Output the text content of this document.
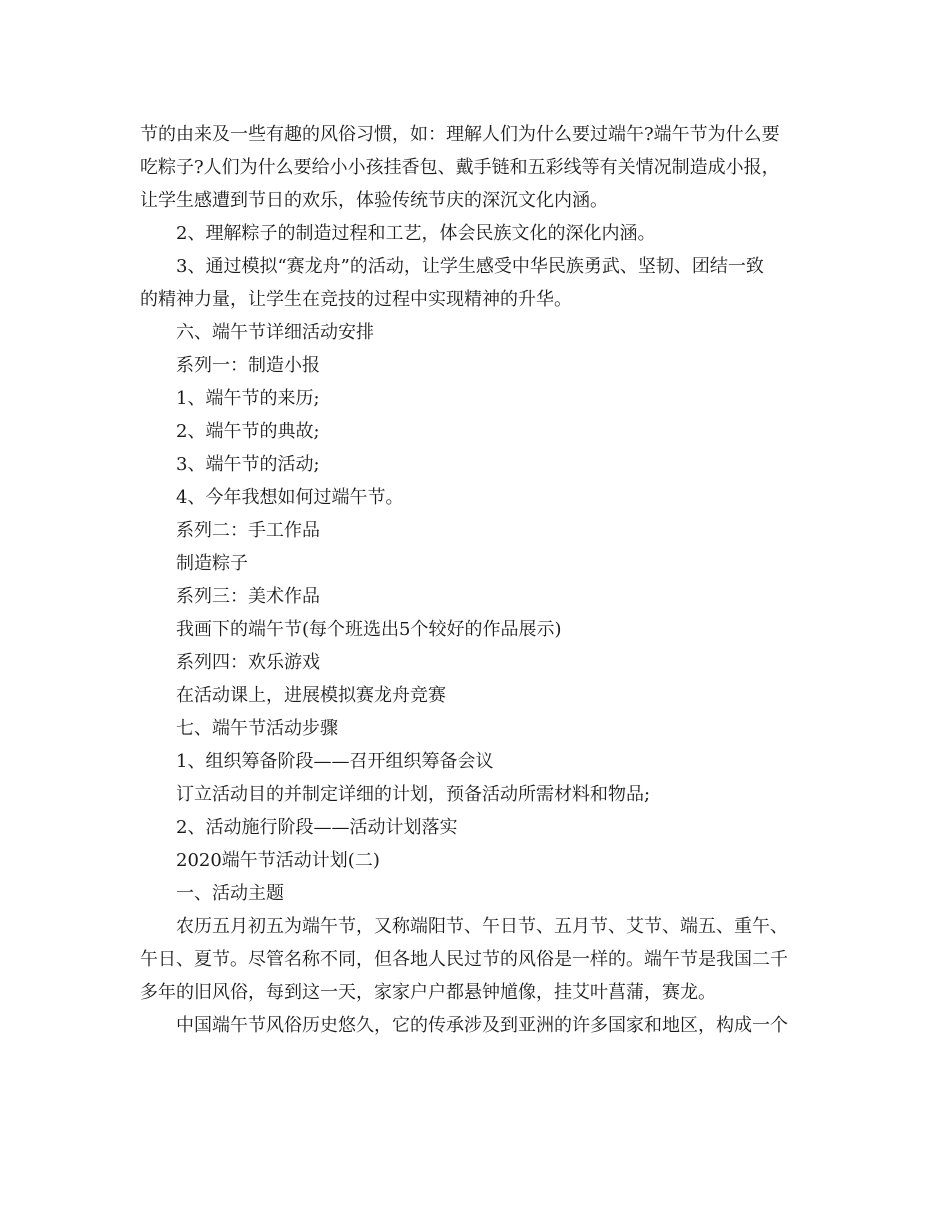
节的由来及一些有趣的风俗习惯，如：理解人们为什么要过端午?端午节为什么要
吃粽子?人们为什么要给小小孩挂香包、戴手链和五彩线等有关情况制造成小报，
让学生感遭到节日的欢乐，体验传统节庆的深沉文化内涵。
2、理解粽子的制造过程和工艺，体会民族文化的深化内涵。
3、通过模拟“赛龙舟”的活动，让学生感受中华民族勇武、坚韧、团结一致
的精神力量，让学生在竞技的过程中实现精神的升华。
六、端午节详细活动安排
系列一：制造小报
1、端午节的来历;
2、端午节的典故;
3、端午节的活动;
4、今年我想如何过端午节。
系列二：手工作品
制造粽子
系列三：美术作品
我画下的端午节(每个班选出5个较好的作品展示)
系列四：欢乐游戏
在活动课上，进展模拟赛龙舟竞赛
七、端午节活动步骤
1、组织筹备阶段——召开组织筹备会议
订立活动目的并制定详细的计划，预备活动所需材料和物品;
2、活动施行阶段——活动计划落实
2020端午节活动计划(二)
一、活动主题
农历五月初五为端午节，又称端阳节、午日节、五月节、艾节、端五、重午、
午日、夏节。尽管名称不同，但各地人民过节的风俗是一样的。端午节是我国二千
多年的旧风俗，每到这一天，家家户户都悬钟馗像，挂艾叶菖蒲，赛龙。
中国端午节风俗历史悠久，它的传承涉及到亚洲的许多国家和地区，构成一个
